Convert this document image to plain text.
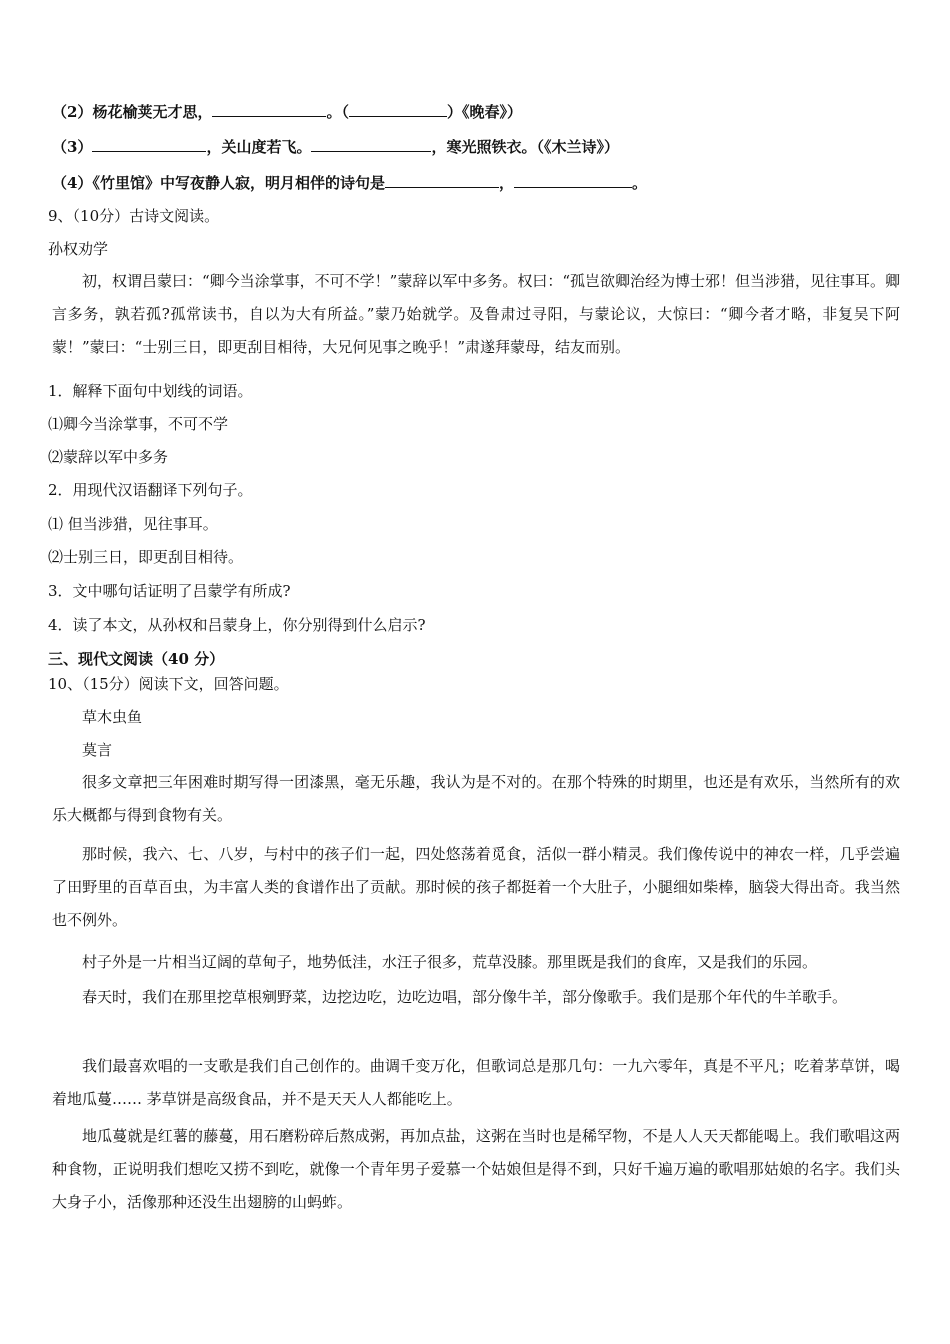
（2）杨花榆荚无才思，	。（	）《晚春》）
（3）	，关山度若飞。	，寒光照铁衣。（《木兰诗》）
（4）《竹里馆》中写夜静人寂，明月相伴的诗句是	，	。
9、（10分）古诗文阅读。
孙权劝学

初，权谓吕蒙曰：“卿今当涂掌事，不可不学！”蒙辞以军中多务。权曰：“孤岂欲卿治经为博士邪！但当涉猎，见往事耳。卿言多务，孰若孤?孤常读书，自以为大有所益。”蒙乃始就学。及鲁肃过寻阳，与蒙论议，大惊曰：“卿今者才略，非复吴下阿蒙！”蒙曰：“士别三日，即更刮目相待，大兄何见事之晚乎！”肃遂拜蒙母，结友而别。

1．解释下面句中划线的词语。
⑴卿今当涂掌事，不可不学
⑵蒙辞以军中多务
2．用现代汉语翻译下列句子。
⑴ 但当涉猎，见往事耳。
⑵士别三日，即更刮目相待。
3．文中哪句话证明了吕蒙学有所成?
4．读了本文，从孙权和吕蒙身上，你分别得到什么启示?
三、现代文阅读（40 分）
10、（15分）阅读下文，回答问题。
草木虫鱼
莫言

很多文章把三年困难时期写得一团漆黑，毫无乐趣，我认为是不对的。在那个特殊的时期里，也还是有欢乐，当然所有的欢乐大概都与得到食物有关。

那时候，我六、七、八岁，与村中的孩子们一起，四处悠荡着觅食，活似一群小精灵。我们像传说中的神农一样，几乎尝遍了田野里的百草百虫，为丰富人类的食谱作出了贡献。那时候的孩子都挺着一个大肚子，小腿细如柴棒，脑袋大得出奇。我当然也不例外。

村子外是一片相当辽阔的草甸子，地势低洼，水汪子很多，荒草没膝。那里既是我们的食库，又是我们的乐园。

春天时，我们在那里挖草根剜野菜，边挖边吃，边吃边唱，部分像牛羊，部分像歌手。我们是那个年代的牛羊歌手。

我们最喜欢唱的一支歌是我们自己创作的。曲调千变万化，但歌词总是那几句：一九六零年，真是不平凡；吃着茅草饼，喝着地瓜蔓…… 茅草饼是高级食品，并不是天天人人都能吃上。

地瓜蔓就是红薯的藤蔓，用石磨粉碎后熬成粥，再加点盐，这粥在当时也是稀罕物，不是人人天天都能喝上。我们歌唱这两种食物，正说明我们想吃又捞不到吃，就像一个青年男子爱慕一个姑娘但是得不到，只好千遍万遍的歌唱那姑娘的名字。我们头大身子小，活像那种还没生出翅膀的山蚂蚱。
